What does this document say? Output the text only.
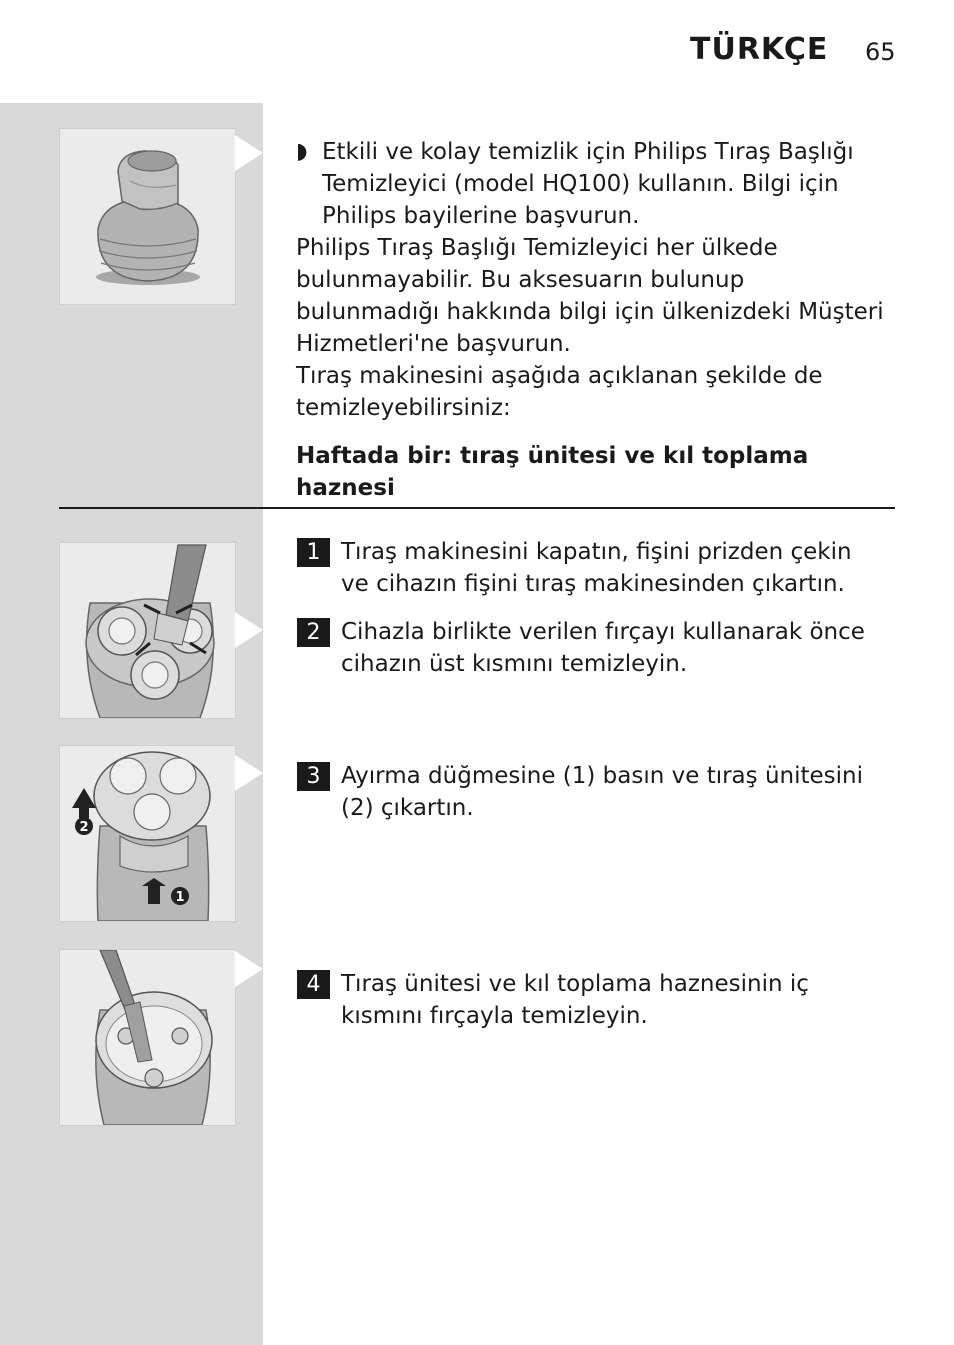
TÜRKÇE 65
◗ Etkili ve kolay temizlik için Philips Tıraş Başlığı Temizleyici (model HQ100) kullanın. Bilgi için Philips bayilerine başvurun.
Philips Tıraş Başlığı Temizleyici her ülkede bulunmayabilir. Bu aksesuarın bulunup bulunmadığı hakkında bilgi için ülkenizdeki Müşteri Hizmetleri'ne başvurun.
Tıraş makinesini aşağıda açıklanan şekilde de temizleyebilirsiniz:
Haftada bir: tıraş ünitesi ve kıl toplama haznesi
1 Tıraş makinesini kapatın, fişini prizden çekin ve cihazın fişini tıraş makinesinden çıkartın.
2 Cihazla birlikte verilen fırçayı kullanarak önce cihazın üst kısmını temizleyin.
2
1
3 Ayırma düğmesine (1) basın ve tıraş ünitesini (2) çıkartın.
4 Tıraş ünitesi ve kıl toplama haznesinin iç kısmını fırçayla temizleyin.
